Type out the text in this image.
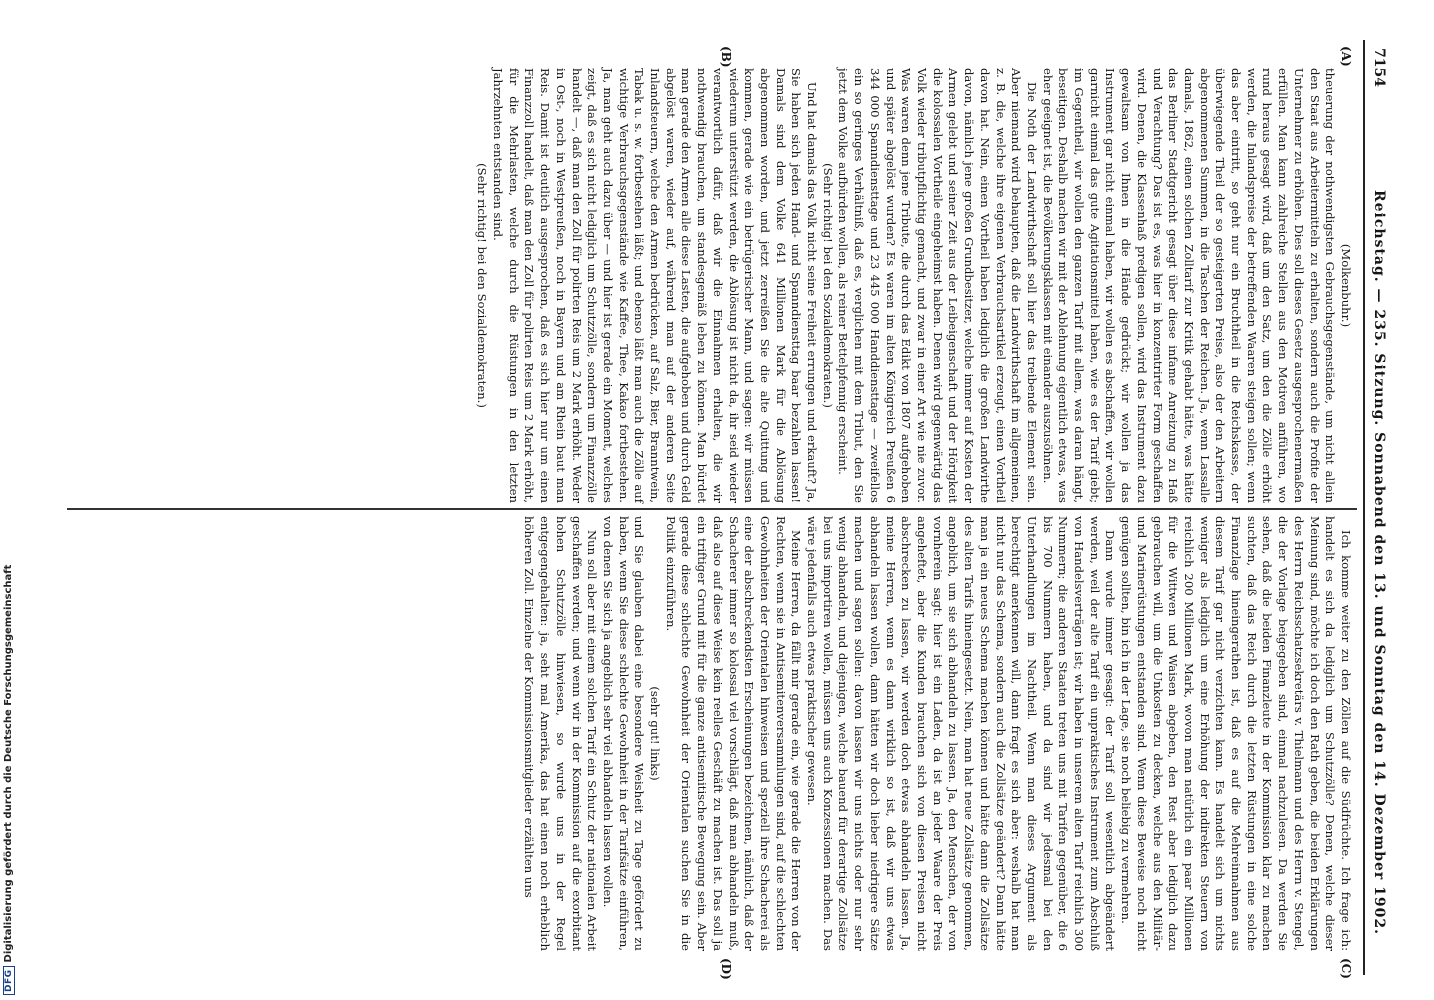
7154
Reichstag. — 235. Sitzung. Sonnabend den 13. und Sonntag den 14. Dezember 1902.
(A)
(B)
(C)
(D)

(Molkenbuhr.)

theuerung der nothwendigsten Gebrauchsgegenstände, um nicht allein den Staat aus Arbeitermitteln zu erhalten, sondern auch die Profite der Unternehmer zu erhöhen. Dies soll dieses Gesetz ausgesprochenermaßen erfüllen. Man kann zahlreiche Stellen aus den Motiven anführen, wo rund heraus gesagt wird, daß um den Satz, um den die Zölle erhöht werden, die Inlandspreise der betreffenden Waaren steigen sollen; wenn das aber eintritt, so geht nur ein Bruchtheil in die Reichskasse, der überwiegende Theil der so gesteigerten Preise, also der den Arbeitern abgenommenen Summen, in die Taschen der Reichen. Ja, wenn Lassalle damals, 1862, einen solchen Zolltarif zur Kritik gehabt hätte, was hätte das Berliner Stadtgericht gesagt über diese infame Anreizung zu Haß und Verachtung? Das ist es, was hier in konzentrirter Form geschaffen wird. Denen, die Klassenhaß predigen sollen, wird das Instrument dazu gewaltsam von Ihnen in die Hände gedrückt; wir wollen ja das Instrument gar nicht einmal haben, wir wollen es abschaffen, wir wollen garnicht einmal das gute Agitationsmittel haben, wie es der Tarif giebt; im Gegentheil, wir wollen den ganzen Tarif mit allem, was daran hängt, beseitigen. Deshalb machen wir mit der Ablehnung eigentlich etwas, was eher geeignet ist, die Bevölkerungsklassen mit einander auszusöhnen.

Die Noth der Landwirthschaft soll hier das treibende Element sein. Aber niemand wird behaupten, daß die Landwirthschaft im allgemeinen, z. B. die, welche ihre eigenen Verbrauchsartikel erzeugt, einen Vortheil davon hat. Nein, einen Vortheil haben lediglich die großen Landwirthe davon, nämlich jene großen Grundbesitzer, welche immer auf Kosten der Armen gelebt und seiner Zeit aus der Leibeigenschaft und der Hörigkeit die kolossalen Vortheile eingeheimst haben. Denen wird gegenwärtig das Volk wieder tributpflichtig gemacht, und zwar in einer Art wie nie zuvor. Was waren denn jene Tribute, die durch das Edikt von 1807 aufgehoben und später abgelöst wurden? Es waren im alten Königreich Preußen 6 344 000 Spanndiensttage und 23 445 000 Handdiensttage — zweifellos ein so geringes Verhältniß, daß es, verglichen mit dem Tribut, den Sie jetzt dem Volke aufbürden wollen, als reiner Bettelpfennig erscheint.

(Sehr richtig! bei den Sozialdemokraten.)

Und hat damals das Volk nicht seine Freiheit errungen und erkauft? Ja, Sie haben sich jeden Hand- und Spanndiensttag baar bezahlen lassen! Damals sind dem Volke 641 Millionen Mark für die Ablösung abgenommen worden, und jetzt zerreißen Sie die alte Quittung und kommen, gerade wie ein betrügerischer Mann, und sagen: wir müssen wiederum unterstützt werden, die Ablösung ist nicht da, ihr seid wieder verantwortlich dafür, daß wir die Einnahmen erhalten, die wir nothwendig brauchen, um standesgemäß leben zu können. Man bürdet man gerade den Armen alle diese Lasten, die aufgehoben und durch Geld abgelöst waren, wieder auf, während man auf der anderen Seite Inlandsteuern, welche den Armen bedrücken, auf Salz, Bier, Branntwein, Tabak u. s. w. fortbestehen läßt; und ebenso läßt man auch die Zölle auf wichtige Verbrauchsgegenstände wie Kaffee, Thee, Kakao fortbestehen. Ja, man geht auch dazu über — und hier ist gerade ein Moment, welches zeigt, daß es sich nicht lediglich um Schutzzölle, sondern um Finanzzölle handelt —, daß man den Zoll für polirten Reis um 2 Mark erhöht. Weder in Ost-, noch in Westpreußen, noch in Bayern und am Rhein baut man Reis. Damit ist deutlich ausgesprochen, daß es sich hier nur um einen Finanzzoll handelt, daß man den Zoll für polirten Reis um 2 Mark erhöht, für die Mehrlasten, welche durch die Rüstungen in den letzten Jahrzehnten entstanden sind.

(Sehr richtig! bei den Sozialdemokraten.)

Ich komme weiter zu den Zöllen auf die Südfrüchte. Ich frage ich: handelt es sich da lediglich um Schutzzölle? Denen, welche dieser Meinung sind, möchte ich doch den Rath geben, die beiden Erklärungen des Herrn Reichsschatzsekretärs v. Thielmann und des Herrn v. Stengel, die der Vorlage beigegeben sind, einmal nachzulesen. Da werden Sie sehen, daß die beiden Finanzleute in der Kommission klar zu machen suchten, daß das Reich durch die letzten Rüstungen in eine solche Finanzlage hineingerathen ist, daß es auf die Mehreinnahmen aus diesem Tarif gar nicht verzichten kann. Es handelt sich um nichts weniger als lediglich um eine Erhöhung der indirekten Steuern von reichlich 200 Millionen Mark, wovon man natürlich ein paar Millionen für die Wittwen und Waisen abgeben, den Rest aber lediglich dazu gebrauchen will, um die Unkosten zu decken, welche aus den Militär- und Marinerüstungen entstanden sind. Wenn diese Beweise noch nicht genügen sollten, bin ich in der Lage, sie noch beliebig zu vermehren.

Dann wurde immer gesagt: der Tarif soll wesentlich abgeändert werden, weil der alte Tarif ein unpraktisches Instrument zum Abschluß von Handelsverträgen ist; wir haben in unserem alten Tarif reichlich 300 Nummern; die anderen Staaten treten uns mit Tarifen gegenüber, die 6 bis 700 Nummern haben, und da sind wir jedesmal bei den Unterhandlungen im Nachtheil. Wenn man dieses Argument als berechtigt anerkennen will, dann fragt es sich aber: weshalb hat man nicht nur das Schema, sondern auch die Zollsätze geändert? Dann hätte man ja ein neues Schema machen können und hätte dann die Zollsätze des alten Tarifs hineingesetzt. Nein, man hat neue Zollsätze genommen, angeblich, um sie sich abhandeln zu lassen. Ja, den Menschen, der von vornherein sagt: hier ist ein Laden, da ist an jeder Waare der Preis angeheftet, aber die Kunden brauchen sich von diesen Preisen nicht abschrecken zu lassen, wir werden doch etwas abhandeln lassen. Ja, meine Herren, wenn es dann wirklich so ist, daß wir uns etwas abhandeln lassen wollen, dann hätten wir doch lieber niedrigere Sätze machen und sagen sollen: davon lassen wir uns nichts oder nur sehr wenig abhandeln, und diejenigen, welche bauend für derartige Zollsätze bei uns importiren wollen, müssen uns auch Konzessionen machen. Das wäre jedenfalls auch etwas praktischer gewesen.

Meine Herren, da fällt mir gerade ein, wie gerade die Herren von der Rechten, wenn sie in Antisemitenversammlungen sind, auf die schlechten Gewohnheiten der Orientalen hinweisen und speziell ihre Schacherei als eine der abschreckendsten Erscheinungen bezeichnen, nämlich, daß der Schacherer immer so kolossal viel vorschlägt, daß man abhandeln muß, daß also auf diese Weise kein reelles Geschäft zu machen ist. Das soll ja ein triftiger Grund mit für die ganze antisemitische Bewegung sein. Aber gerade diese schlechte Gewohnheit der Orientalen suchen Sie in die Politik einzuführen.

(sehr gut! links)

und Sie glauben dabei eine besondere Weisheit zu Tage gefördert zu haben, wenn Sie diese schlechte Gewohnheit in der Tarifsätze einführen, von denen Sie sich ja angeblich sehr viel abhandeln lassen wollen.

Nun soll aber mit einem solchen Tarif ein Schutz der nationalen Arbeit geschaffen werden; und wenn wir in der Kommission auf die exorbitant hohen Schutzzölle hinwiesen, so wurde uns in der Regel entgegengehalten: ja, seht mal Amerika, das hat einen noch erheblich höheren Zoll. Einzelne der Kommissionsmitglieder erzählten uns

DFGDigitalisierung gefördert durch die Deutsche Forschungsgemeinschaft
